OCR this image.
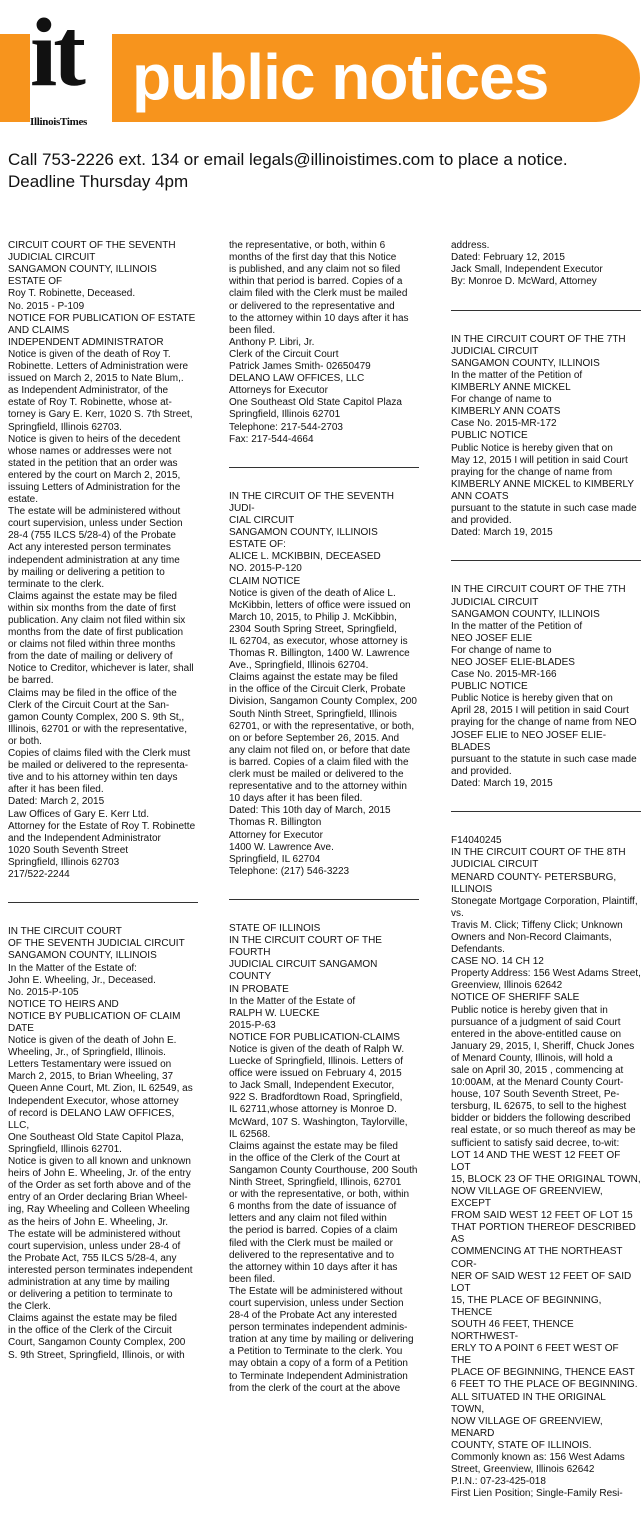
it
IllinoisTimes
public notices
Call 753-2226 ext. 134 or email legals@illinoistimes.com to place a notice.
Deadline Thursday 4pm

CIRCUIT COURT OF THE SEVENTH
JUDICIAL CIRCUIT
SANGAMON COUNTY, ILLINOIS
ESTATE OF
Roy T. Robinette, Deceased.
No. 2015 - P-109
NOTICE FOR PUBLICATION OF ESTATE
AND CLAIMS
INDEPENDENT ADMINISTRATOR
Notice is given of the death of Roy T.
Robinette. Letters of Administration were
issued on March 2, 2015 to Nate Blum,.
as Independent Administrator, of the
estate of Roy T. Robinette, whose at-
torney is Gary E. Kerr, 1020 S. 7th Street,
Springfield, Illinois 62703.
Notice is given to heirs of the decedent
whose names or addresses were not
stated in the petition that an order was
entered by the court on March 2, 2015,
issuing Letters of Administration for the
estate.
The estate will be administered without
court supervision, unless under Section
28-4 (755 ILCS 5/28-4) of the Probate
Act any interested person terminates
independent administration at any time
by mailing or delivering a petition to
terminate to the clerk.
Claims against the estate may be filed
within six months from the date of first
publication. Any claim not filed within six
months from the date of first publication
or claims not filed within three months
from the date of mailing or delivery of
Notice to Creditor, whichever is later, shall
be barred.
Claims may be filed in the office of the
Clerk of the Circuit Court at the San-
gamon County Complex, 200 S. 9th St,,
Illinois, 62701 or with the representative,
or both.
Copies of claims filed with the Clerk must
be mailed or delivered to the representa-
tive and to his attorney within ten days
after it has been filed.
Dated: March 2, 2015
Law Offices of Gary E. Kerr Ltd.
Attorney for the Estate of Roy T. Robinette
and the Independent Administrator
1020 South Seventh Street
Springfield, Illinois 62703
217/522-2244

IN THE CIRCUIT COURT
OF THE SEVENTH JUDICIAL CIRCUIT
SANGAMON COUNTY, ILLINOIS
In the Matter of the Estate of:
John E. Wheeling, Jr., Deceased.
No. 2015-P-105
NOTICE TO HEIRS AND
NOTICE BY PUBLICATION OF CLAIM DATE
Notice is given of the death of John E.
Wheeling, Jr., of Springfield, Illinois.
Letters Testamentary were issued on
March 2, 2015, to Brian Wheeling, 37
Queen Anne Court, Mt. Zion, IL 62549, as
Independent Executor, whose attorney
of record is DELANO LAW OFFICES, LLC,
One Southeast Old State Capitol Plaza,
Springfield, Illinois 62701.
Notice is given to all known and unknown
heirs of John E. Wheeling, Jr. of the entry
of the Order as set forth above and of the
entry of an Order declaring Brian Wheel-
ing, Ray Wheeling and Colleen Wheeling
as the heirs of John E. Wheeling, Jr.
The estate will be administered without
court supervision, unless under 28-4 of
the Probate Act, 755 ILCS 5/28-4, any
interested person terminates independent
administration at any time by mailing
or delivering a petition to terminate to
the Clerk.
Claims against the estate may be filed
in the office of the Clerk of the Circuit
Court, Sangamon County Complex, 200
S. 9th Street, Springfield, Illinois, or with

the representative, or both, within 6
months of the first day that this Notice
is published, and any claim not so filed
within that period is barred. Copies of a
claim filed with the Clerk must be mailed
or delivered to the representative and
to the attorney within 10 days after it has
been filed.
Anthony P. Libri, Jr.
Clerk of the Circuit Court
Patrick James Smith- 02650479
DELANO LAW OFFICES, LLC
Attorneys for Executor
One Southeast Old State Capitol Plaza
Springfield, Illinois 62701
Telephone: 217-544-2703
Fax: 217-544-4664

IN THE CIRCUIT OF THE SEVENTH JUDI-
CIAL CIRCUIT
SANGAMON COUNTY, ILLINOIS
ESTATE OF:
ALICE L. MCKIBBIN, DECEASED
NO. 2015-P-120
CLAIM NOTICE
Notice is given of the death of Alice L.
McKibbin, letters of office were issued on
March 10, 2015, to Philip J. McKibbin,
2304 South Spring Street, Springfield,
IL 62704, as executor, whose attorney is
Thomas R. Billington, 1400 W. Lawrence
Ave., Springfield, Illinois 62704.
Claims against the estate may be filed
in the office of the Circuit Clerk, Probate
Division, Sangamon County Complex, 200
South Ninth Street, Springfield, Illinois
62701, or with the representative, or both,
on or before September 26, 2015. And
any claim not filed on, or before that date
is barred. Copies of a claim filed with the
clerk must be mailed or delivered to the
representative and to the attorney within
10 days after it has been filed.
Dated: This 10th day of March, 2015
Thomas R. Billington
Attorney for Executor
1400 W. Lawrence Ave.
Springfield, IL 62704
Telephone: (217) 546-3223

STATE OF ILLINOIS
IN THE CIRCUIT COURT OF THE FOURTH
JUDICIAL CIRCUIT SANGAMON COUNTY
IN PROBATE
In the Matter of the Estate of
RALPH W. LUECKE
2015-P-63
NOTICE FOR PUBLICATION-CLAIMS
Notice is given of the death of Ralph W.
Luecke of Springfield, Illinois. Letters of
office were issued on February 4, 2015
to Jack Small, Independent Executor,
922 S. Bradfordtown Road, Springfield,
IL 62711,whose attorney is Monroe D.
McWard, 107 S. Washington, Taylorville,
IL 62568.
Claims against the estate may be filed
in the office of the Clerk of the Court at
Sangamon County Courthouse, 200 South
Ninth Street, Springfield, Illinois, 62701
or with the representative, or both, within
6 months from the date of issuance of
letters and any claim not filed within
the period is barred. Copies of a claim
filed with the Clerk must be mailed or
delivered to the representative and to
the attorney within 10 days after it has
been filed.
The Estate will be administered without
court supervision, unless under Section
28-4 of the Probate Act any interested
person terminates independent adminis-
tration at any time by mailing or delivering
a Petition to Terminate to the clerk. You
may obtain a copy of a form of a Petition
to Terminate Independent Administration
from the clerk of the court at the above

address.
Dated: February 12, 2015
Jack Small, Independent Executor
By: Monroe D. McWard, Attorney

IN THE CIRCUIT COURT OF THE 7TH
JUDICIAL CIRCUIT
SANGAMON COUNTY, ILLINOIS
In the matter of the Petition of
KIMBERLY ANNE MICKEL
For change of name to
KIMBERLY ANN COATS
Case No. 2015-MR-172
PUBLIC NOTICE
Public Notice is hereby given that on
May 12, 2015 I will petition in said Court
praying for the change of name from
KIMBERLY ANNE MICKEL to KIMBERLY
ANN COATS
pursuant to the statute in such case made
and provided.
Dated: March 19, 2015

IN THE CIRCUIT COURT OF THE 7TH
JUDICIAL CIRCUIT
SANGAMON COUNTY, ILLINOIS
In the matter of the Petition of
NEO JOSEF ELIE
For change of name to
NEO JOSEF ELIE-BLADES
Case No. 2015-MR-166
PUBLIC NOTICE
Public Notice is hereby given that on
April 28, 2015 I will petition in said Court
praying for the change of name from NEO
JOSEF ELIE to NEO JOSEF ELIE-BLADES
pursuant to the statute in such case made
and provided.
Dated: March 19, 2015

F14040245
IN THE CIRCUIT COURT OF THE 8TH
JUDICIAL CIRCUIT
MENARD COUNTY- PETERSBURG,
ILLINOIS
Stonegate Mortgage Corporation, Plaintiff,
vs.
Travis M. Click; Tiffeny Click; Unknown
Owners and Non-Record Claimants,
Defendants.
CASE NO. 14 CH 12
Property Address: 156 West Adams Street,
Greenview, Illinois 62642
NOTICE OF SHERIFF SALE
Public notice is hereby given that in
pursuance of a judgment of said Court
entered in the above-entitled cause on
January 29, 2015, I, Sheriff, Chuck Jones
of Menard County, Illinois, will hold a
sale on April 30, 2015 , commencing at
10:00AM, at the Menard County Court-
house, 107 South Seventh Street, Pe-
tersburg, IL 62675, to sell to the highest
bidder or bidders the following described
real estate, or so much thereof as may be
sufficient to satisfy said decree, to-wit:
LOT 14 AND THE WEST 12 FEET OF LOT
15, BLOCK 23 OF THE ORIGINAL TOWN,
NOW VILLAGE OF GREENVIEW, EXCEPT
FROM SAID WEST 12 FEET OF LOT 15
THAT PORTION THEREOF DESCRIBED AS
COMMENCING AT THE NORTHEAST COR-
NER OF SAID WEST 12 FEET OF SAID LOT
15, THE PLACE OF BEGINNING, THENCE
SOUTH 46 FEET, THENCE NORTHWEST-
ERLY TO A POINT 6 FEET WEST OF THE
PLACE OF BEGINNING, THENCE EAST
6 FEET TO THE PLACE OF BEGINNING.
ALL SITUATED IN THE ORIGINAL TOWN,
NOW VILLAGE OF GREENVIEW, MENARD
COUNTY, STATE OF ILLINOIS.
Commonly known as: 156 West Adams
Street, Greenview, Illinois 62642
P.I.N.: 07-23-425-018
First Lien Position; Single-Family Resi-
